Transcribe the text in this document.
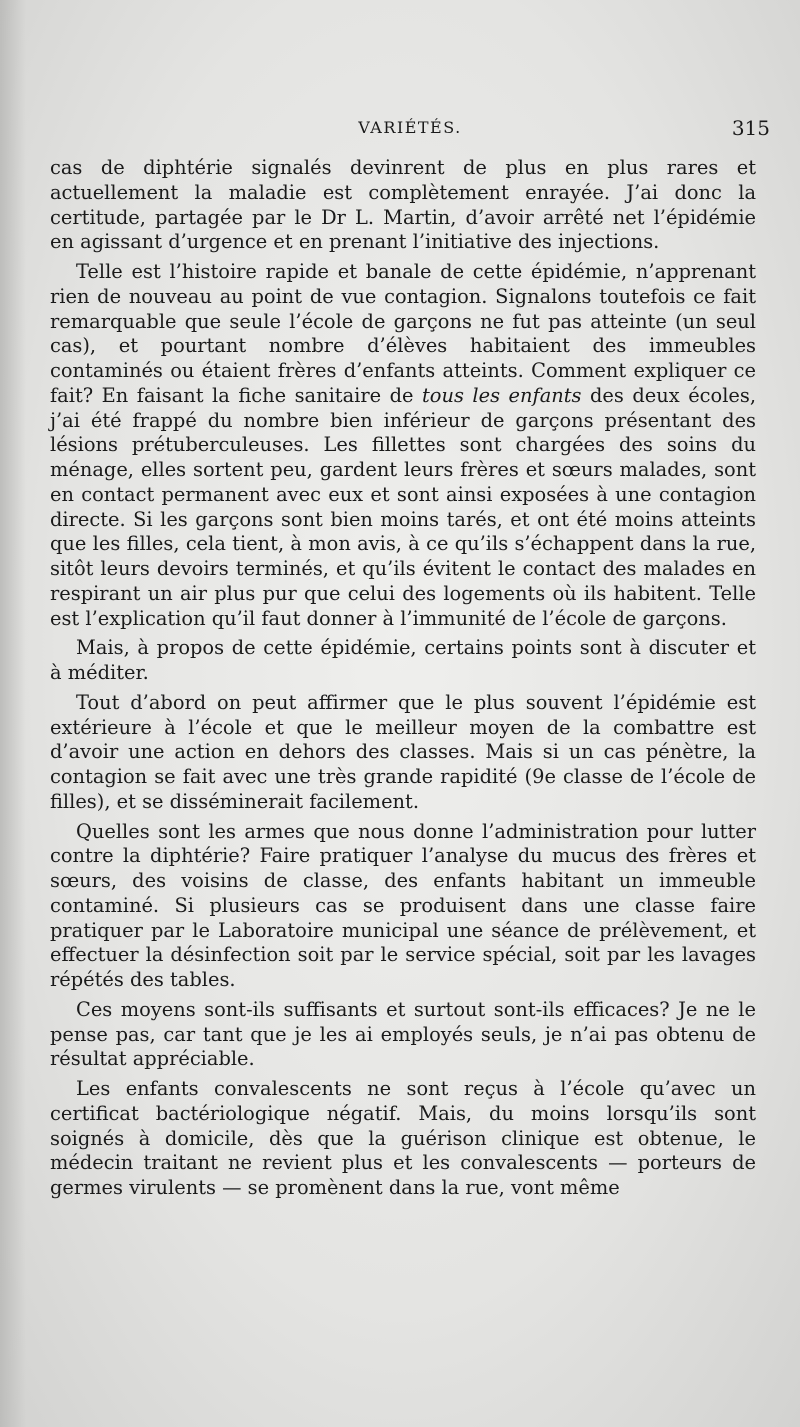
VARIÉTÉS.	315

cas de diphtérie signalés devinrent de plus en plus rares et actuellement la maladie est complètement enrayée. J’ai donc la certitude, partagée par le Dr L. Martin, d’avoir arrêté net l’épidémie en agissant d’urgence et en prenant l’initiative des injections.

Telle est l’histoire rapide et banale de cette épidémie, n’apprenant rien de nouveau au point de vue contagion. Signalons toutefois ce fait remarquable que seule l’école de garçons ne fut pas atteinte (un seul cas), et pourtant nombre d’élèves habitaient des immeubles contaminés ou étaient frères d’enfants atteints. Comment expliquer ce fait? En faisant la fiche sanitaire de tous les enfants des deux écoles, j’ai été frappé du nombre bien inférieur de garçons présentant des lésions prétuberculeuses. Les fillettes sont chargées des soins du ménage, elles sortent peu, gardent leurs frères et sœurs malades, sont en contact permanent avec eux et sont ainsi exposées à une contagion directe. Si les garçons sont bien moins tarés, et ont été moins atteints que les filles, cela tient, à mon avis, à ce qu’ils s’échappent dans la rue, sitôt leurs devoirs terminés, et qu’ils évitent le contact des malades en respirant un air plus pur que celui des logements où ils habitent. Telle est l’explication qu’il faut donner à l’immunité de l’école de garçons.

Mais, à propos de cette épidémie, certains points sont à discuter et à méditer.

Tout d’abord on peut affirmer que le plus souvent l’épidémie est extérieure à l’école et que le meilleur moyen de la combattre est d’avoir une action en dehors des classes. Mais si un cas pénètre, la contagion se fait avec une très grande rapidité (9e classe de l’école de filles), et se disséminerait facilement.

Quelles sont les armes que nous donne l’administration pour lutter contre la diphtérie? Faire pratiquer l’analyse du mucus des frères et sœurs, des voisins de classe, des enfants habitant un immeuble contaminé. Si plusieurs cas se produisent dans une classe faire pratiquer par le Laboratoire municipal une séance de prélèvement, et effectuer la désinfection soit par le service spécial, soit par les lavages répétés des tables.

Ces moyens sont-ils suffisants et surtout sont-ils efficaces? Je ne le pense pas, car tant que je les ai employés seuls, je n’ai pas obtenu de résultat appréciable.

Les enfants convalescents ne sont reçus à l’école qu’avec un certificat bactériologique négatif. Mais, du moins lorsqu’ils sont soignés à domicile, dès que la guérison clinique est obtenue, le médecin traitant ne revient plus et les convalescents — porteurs de germes virulents — se promènent dans la rue, vont même
